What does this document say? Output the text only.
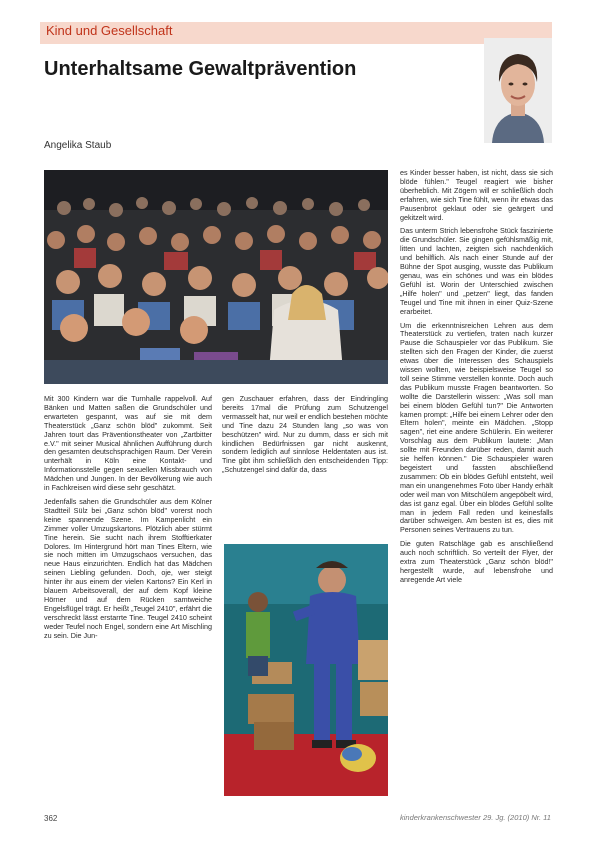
Kind und Gesellschaft
Unterhaltsame Gewaltprävention
Angelika Staub

es Kinder besser haben, ist nicht, dass sie sich blöde fühlen." Teugel reagiert wie bisher überheblich. Mit Zögern will er schließlich doch erfahren, wie sich Tine fühlt, wenn ihr etwas das Pausenbrot geklaut oder sie geärgert und gekitzelt wird.

Das unterm Strich lebensfrohe Stück faszinierte die Grundschüler. Sie gingen gefühlsmäßig mit, litten und lachten, zeigten sich nachdenklich und behilflich. Als nach einer Stunde auf der Bühne der Spot ausging, wusste das Publikum genau, was ein schönes und was ein blödes Gefühl ist. Worin der Unterschied zwischen „Hilfe holen" und „petzen" liegt, das fanden Teugel und Tine mit ihnen in einer Quiz-Szene erarbeitet.

Um die erkenntnisreichen Lehren aus dem Theaterstück zu vertiefen, traten nach kurzer Pause die Schauspieler vor das Publikum. Sie stellten sich den Fragen der Kinder, die zuerst etwas über die Interessen des Schauspiels wissen wollten, wie beispielsweise Teugel so toll seine Stimme verstellen konnte. Doch auch das Publikum musste Fragen beantworten. So wollte die Darstellerin wissen: „Was soll man bei einem blöden Gefühl tun?" Die Antworten kamen prompt: „Hilfe bei einem Lehrer oder den Eltern holen", meinte ein Mädchen. „Stopp sagen", riet eine andere Schülerin. Ein weiterer Vorschlag aus dem Publikum lautete: „Man sollte mit Freunden darüber reden, damit auch sie helfen können." Die Schauspieler waren begeistert und fassten abschließend zusammen: Ob ein blödes Gefühl entsteht, weil man ein unangenehmes Foto über Handy erhält oder weil man von Mitschülern angepöbelt wird, das ist ganz egal. Über ein blödes Gefühl sollte man in jedem Fall reden und keinesfalls darüber schweigen. Am besten ist es, dies mit Personen seines Vertrauens zu tun.

Die guten Ratschläge gab es anschließend auch noch schriftlich. So verteilt der Flyer, der extra zum Theaterstück „Ganz schön blöd!" hergestellt wurde, auf lebensfrohe und anregende Art viele

Mit 300 Kindern war die Turnhalle rappelvoll. Auf Bänken und Matten saßen die Grundschüler und erwarteten gespannt, was auf sie mit dem Theaterstück „Ganz schön blöd" zukommt. Seit Jahren tourt das Präventionstheater von „Zartbitter e.V." mit seiner Musical ähnlichen Aufführung durch den gesamten deutschsprachigen Raum. Der Verein unterhält in Köln eine Kontakt- und Informationsstelle gegen sexuellen Missbrauch von Mädchen und Jungen. In der Bevölkerung wie auch in Fachkreisen wird diese sehr geschätzt.

Jedenfalls sahen die Grundschüler aus dem Kölner Stadtteil Sülz bei „Ganz schön blöd" vorerst noch keine spannende Szene. Im Kampenlicht ein Zimmer voller Umzugskartons. Plötzlich aber stürmt Tine herein. Sie sucht nach ihrem Stofftierkater Dolores. Im Hintergrund hört man Tines Eltern, wie sie noch mitten im Umzugschaos versuchen, das neue Haus einzurichten. Endlich hat das Mädchen seinen Liebling gefunden. Doch, oje, wer steigt hinter ihr aus einem der vielen Kartons? Ein Kerl in blauem Arbeitsoverall, der auf dem Kopf kleine Hörner und auf dem Rücken samtweiche Engelsflügel trägt. Er heißt „Teugel 2410", erfährt die verschreckt lässt erstarrte Tine. Teugel 2410 scheint weder Teufel noch Engel, sondern eine Art Mischling zu sein. Die Jun-

gen Zuschauer erfahren, dass der Eindringling bereits 17mal die Prüfung zum Schutzengel vermasselt hat, nur weil er endlich bestehen möchte und Tine dazu 24 Stunden lang „so was von beschützen" wird. Nur zu dumm, dass er sich mit kindlichen Bedürfnissen gar nicht auskennt, sondern lediglich auf sinnlose Heldentaten aus ist. Tine gibt ihm schließlich den entscheidenden Tipp: „Schutzengel sind dafür da, dass

362	kinderkrankenschwester 29. Jg. (2010) Nr. 11
